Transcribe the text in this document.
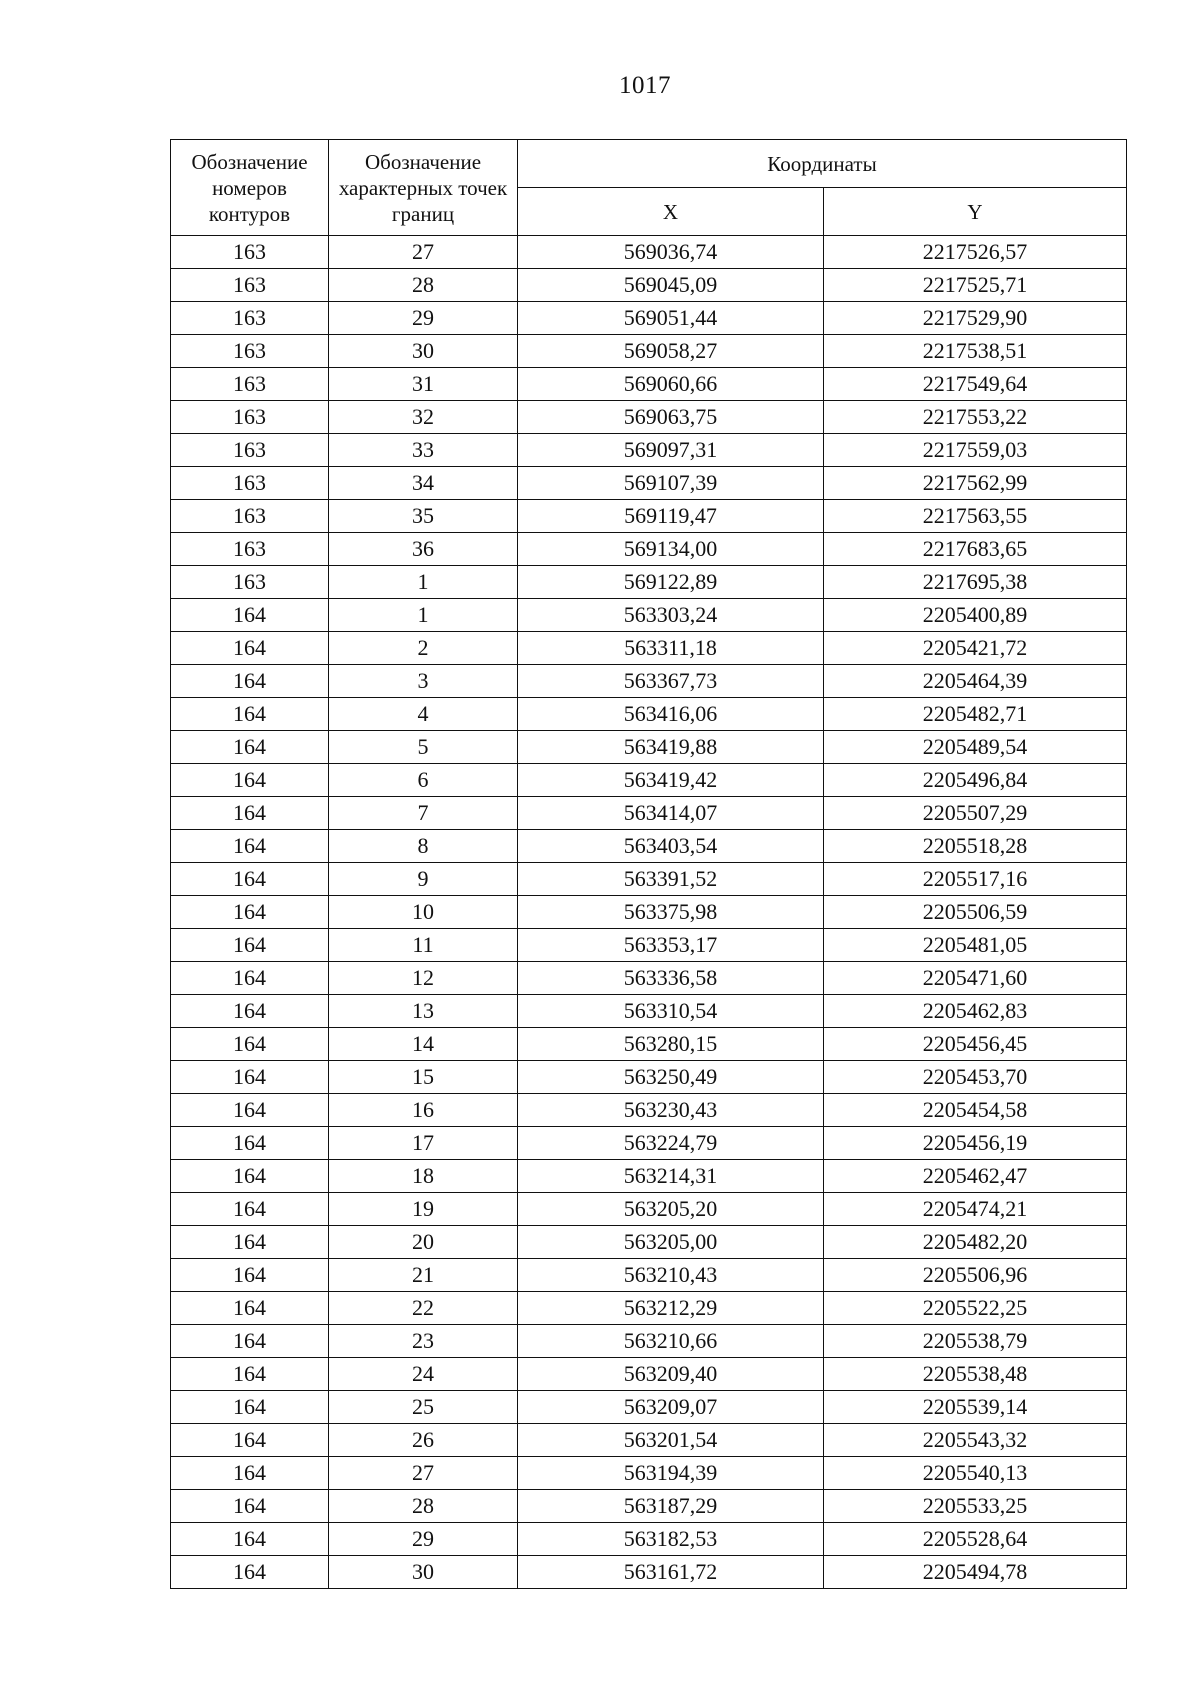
1017
Обозначение номеров контуров	Обозначение характерных точек границ	Координаты	
		X	Y
163	27	569036,74	2217526,57
163	28	569045,09	2217525,71
163	29	569051,44	2217529,90
163	30	569058,27	2217538,51
163	31	569060,66	2217549,64
163	32	569063,75	2217553,22
163	33	569097,31	2217559,03
163	34	569107,39	2217562,99
163	35	569119,47	2217563,55
163	36	569134,00	2217683,65
163	1	569122,89	2217695,38
164	1	563303,24	2205400,89
164	2	563311,18	2205421,72
164	3	563367,73	2205464,39
164	4	563416,06	2205482,71
164	5	563419,88	2205489,54
164	6	563419,42	2205496,84
164	7	563414,07	2205507,29
164	8	563403,54	2205518,28
164	9	563391,52	2205517,16
164	10	563375,98	2205506,59
164	11	563353,17	2205481,05
164	12	563336,58	2205471,60
164	13	563310,54	2205462,83
164	14	563280,15	2205456,45
164	15	563250,49	2205453,70
164	16	563230,43	2205454,58
164	17	563224,79	2205456,19
164	18	563214,31	2205462,47
164	19	563205,20	2205474,21
164	20	563205,00	2205482,20
164	21	563210,43	2205506,96
164	22	563212,29	2205522,25
164	23	563210,66	2205538,79
164	24	563209,40	2205538,48
164	25	563209,07	2205539,14
164	26	563201,54	2205543,32
164	27	563194,39	2205540,13
164	28	563187,29	2205533,25
164	29	563182,53	2205528,64
164	30	563161,72	2205494,78
